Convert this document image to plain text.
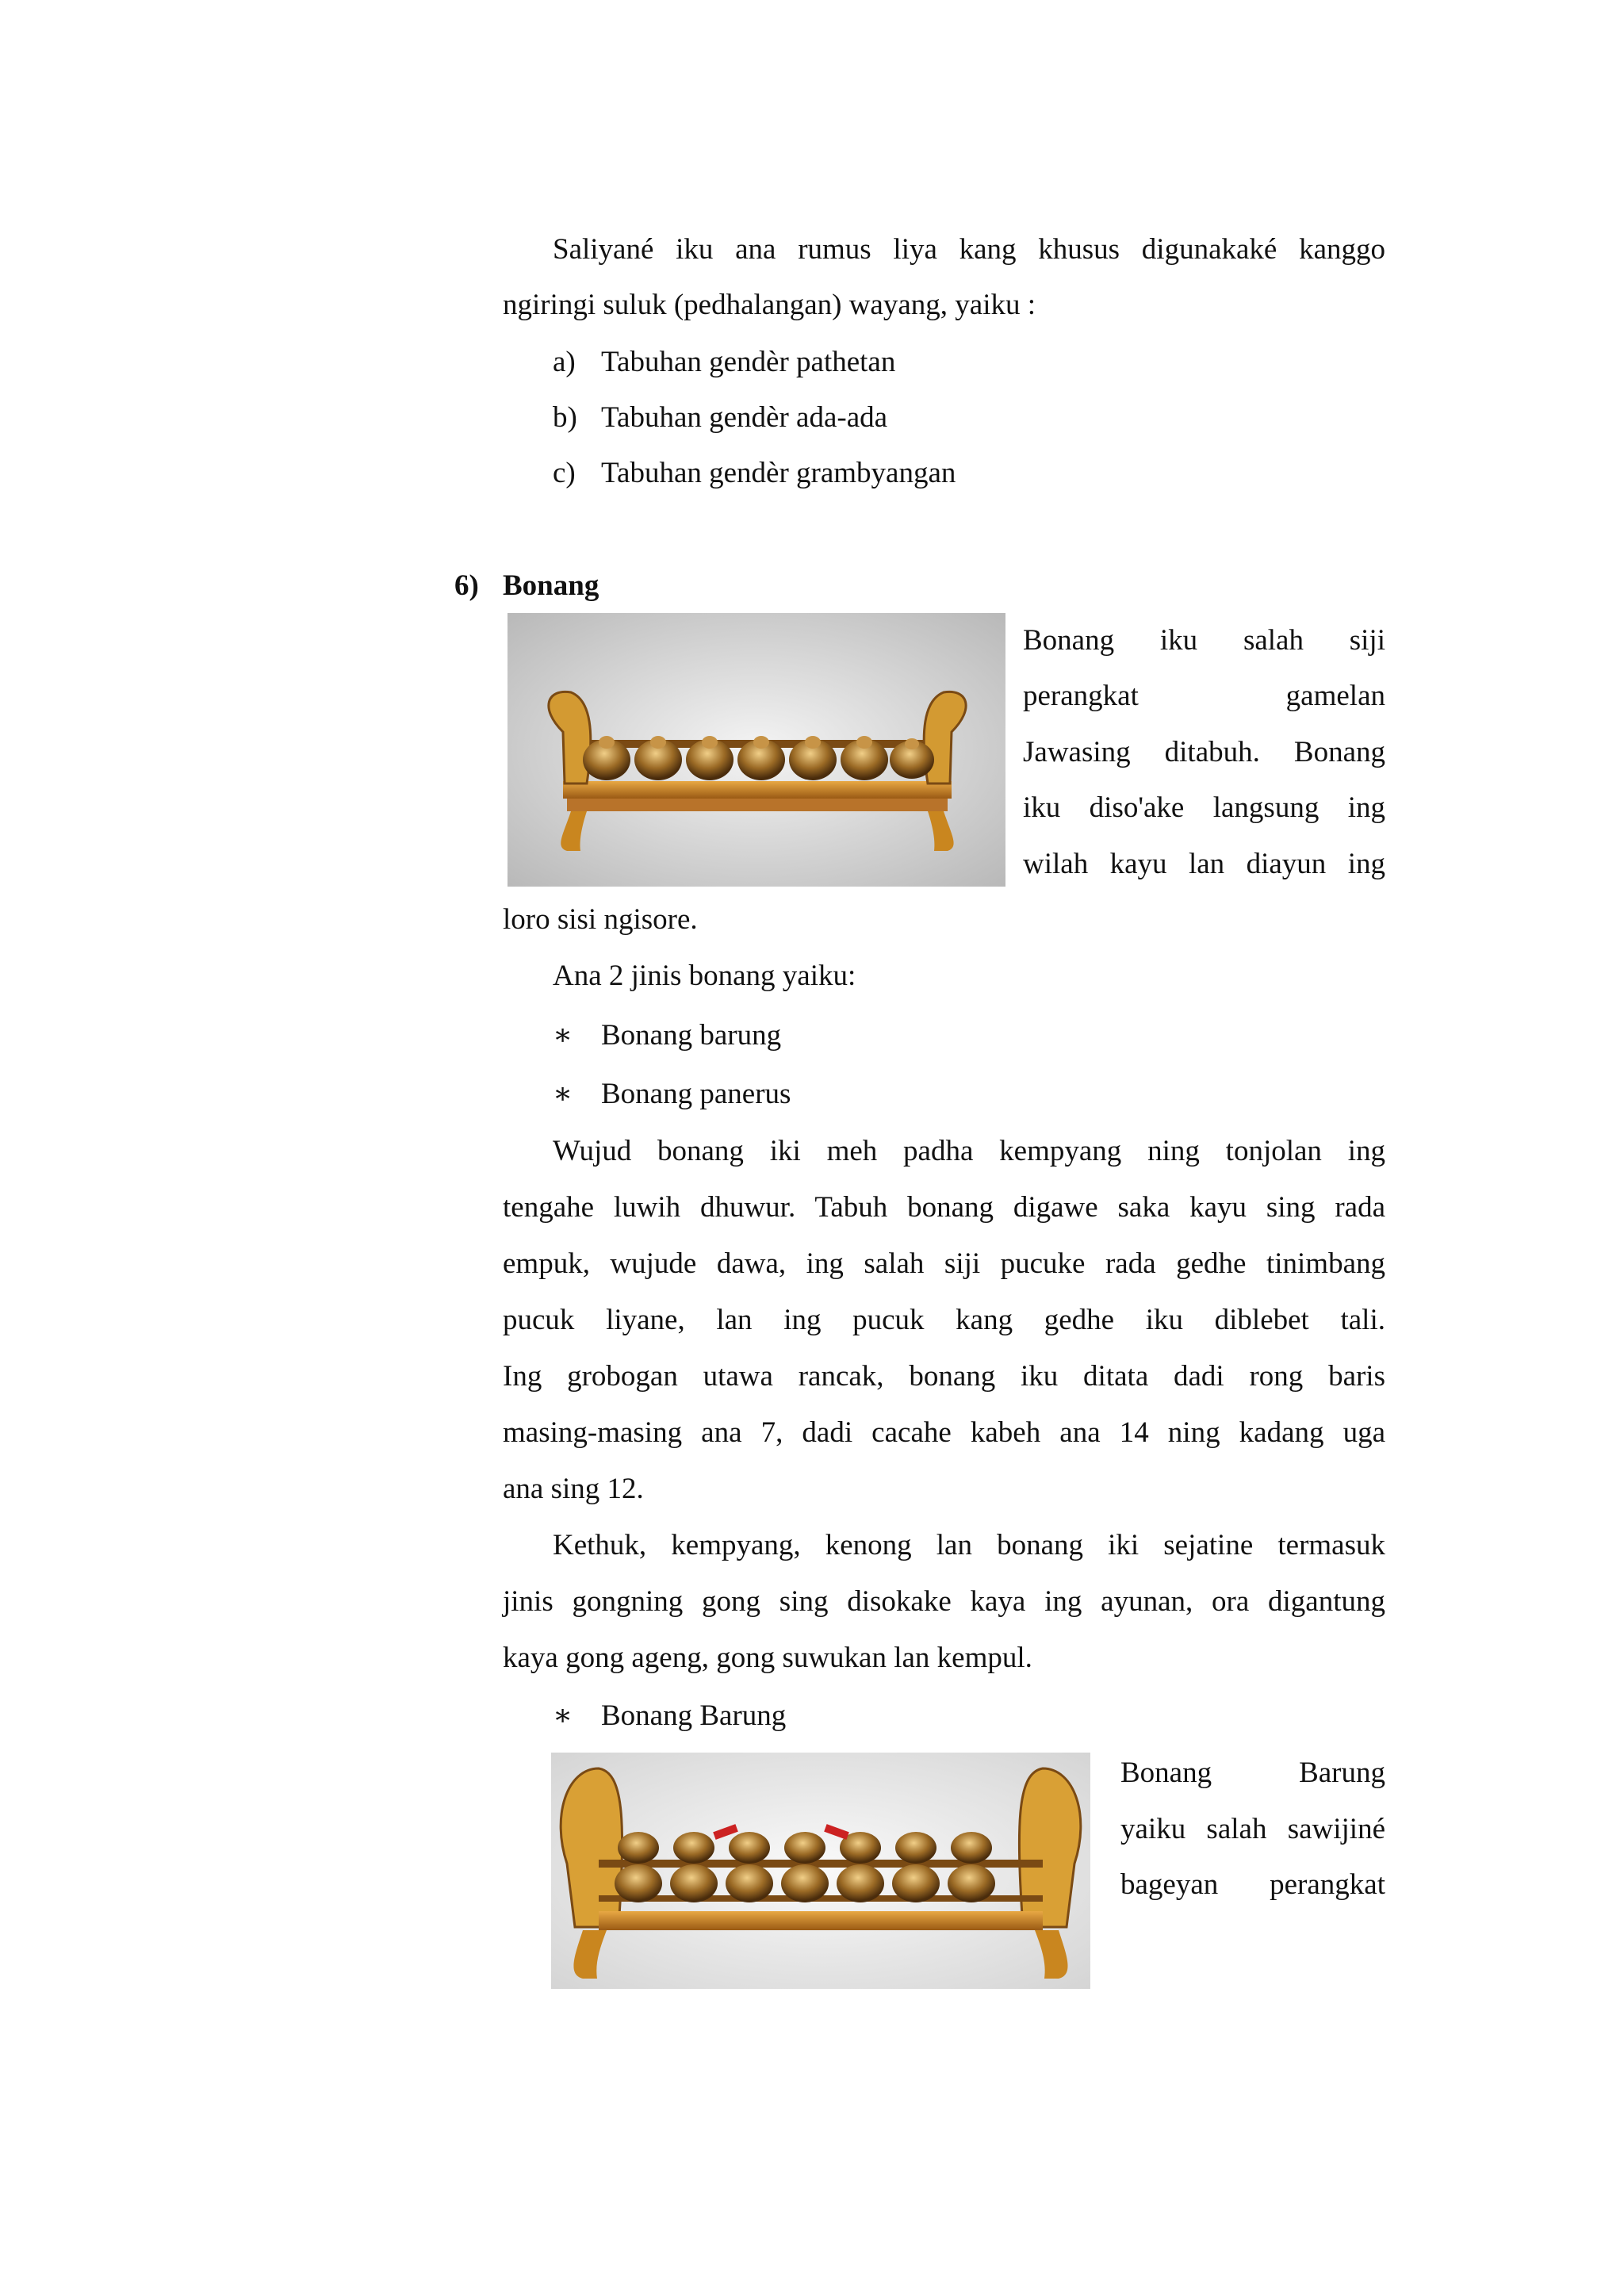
Saliyané iku ana rumus liya kang khusus digunakaké kanggo
ngiringi suluk (pedhalangan) wayang, yaiku :
a) Tabuhan gendèr pathetan
b) Tabuhan gendèr ada-ada
c) Tabuhan gendèr grambyangan
6) Bonang
Bonang iku salah siji
perangkat gamelan
Jawasing ditabuh. Bonang
iku diso'ake langsung ing
wilah kayu lan diayun ing
loro sisi ngisore.
Ana 2 jinis bonang yaiku:
∗ Bonang barung
∗ Bonang panerus
Wujud bonang iki meh padha kempyang ning tonjolan ing
tengahe luwih dhuwur. Tabuh bonang digawe saka kayu sing rada
empuk, wujude dawa, ing salah siji pucuke rada gedhe tinimbang
pucuk liyane, lan ing pucuk kang gedhe iku diblebet tali.
Ing grobogan utawa rancak, bonang iku ditata dadi rong baris
masing-masing ana 7, dadi cacahe kabeh ana 14 ning kadang uga
ana sing 12.
Kethuk, kempyang, kenong lan bonang iki sejatine termasuk
jinis gongning gong sing disokake kaya ing ayunan, ora digantung
kaya gong ageng, gong suwukan lan kempul.
∗ Bonang Barung
Bonang Barung
yaiku salah sawijiné
bageyan perangkat
